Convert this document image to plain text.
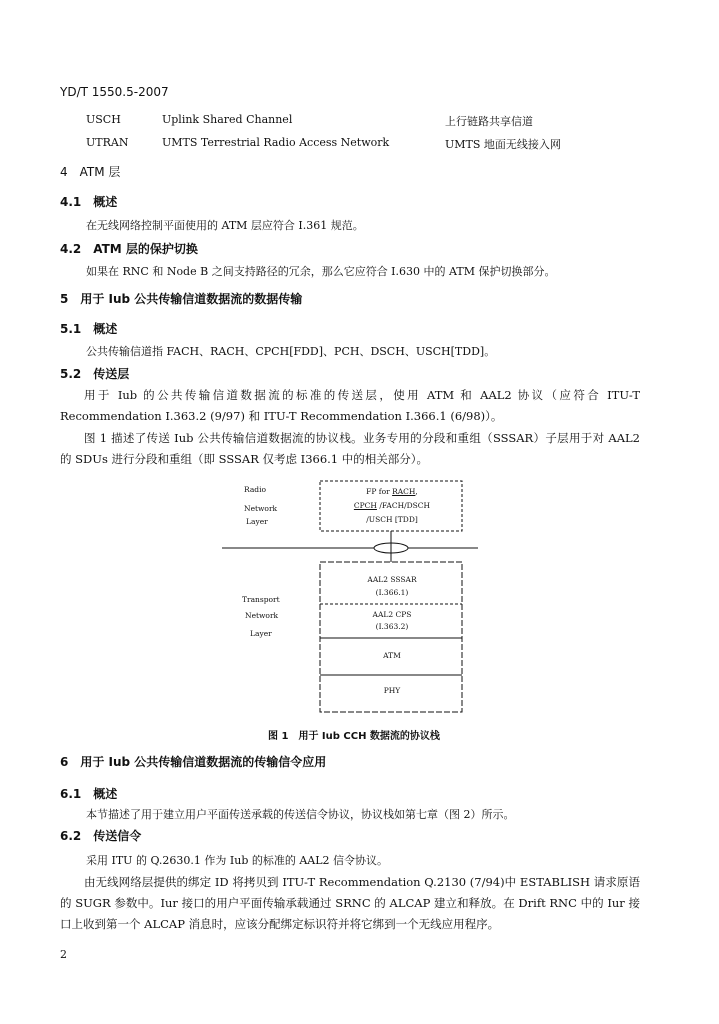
YD/T 1550.5-2007
USCH	Uplink Shared Channel	上行链路共享信道
UTRAN	UMTS Terrestrial Radio Access Network	UMTS 地面无线接入网
4　ATM 层
4.1　概述
在无线网络控制平面使用的 ATM 层应符合 I.361 规范。
4.2　ATM 层的保护切换
如果在 RNC 和 Node B 之间支持路径的冗余，那么它应符合 I.630 中的 ATM 保护切换部分。
5　用于 Iub 公共传输信道数据流的数据传输
5.1　概述
公共传输信道指 FACH、RACH、CPCH[FDD]、PCH、DSCH、USCH[TDD]。
5.2　传送层
用于 Iub 的公共传输信道数据流的标准的传送层，使用 ATM 和 AAL2 协议（应符合 ITU-T Recommendation I.363.2 (9/97) 和 ITU-T Recommendation I.366.1 (6/98)）。
图 1 描述了传送 Iub 公共传输信道数据流的协议栈。业务专用的分段和重组（SSSAR）子层用于对 AAL2 的 SDUs 进行分段和重组（即 SSSAR 仅考虑 I366.1 中的相关部分）。
Radio
Network
Layer
Transport
Network
Layer
FP for RACH,
CPCH /FACH/DSCH
/USCH [TDD]
AAL2 SSSAR
(I.366.1)
AAL2 CPS
(I.363.2)
ATM
PHY
图 1　用于 Iub CCH 数据流的协议栈
6　用于 Iub 公共传输信道数据流的传输信令应用
6.1　概述
本节描述了用于建立用户平面传送承载的传送信令协议，协议栈如第七章（图 2）所示。
6.2　传送信令
采用 ITU 的 Q.2630.1 作为 Iub 的标准的 AAL2 信令协议。
由无线网络层提供的绑定 ID 将拷贝到 ITU-T Recommendation Q.2130 (7/94)中 ESTABLISH 请求原语的 SUGR 参数中。Iur 接口的用户平面传输承载通过 SRNC 的 ALCAP 建立和释放。在 Drift RNC 中的 Iur 接口上收到第一个 ALCAP 消息时，应该分配绑定标识符并将它绑到一个无线应用程序。
2
